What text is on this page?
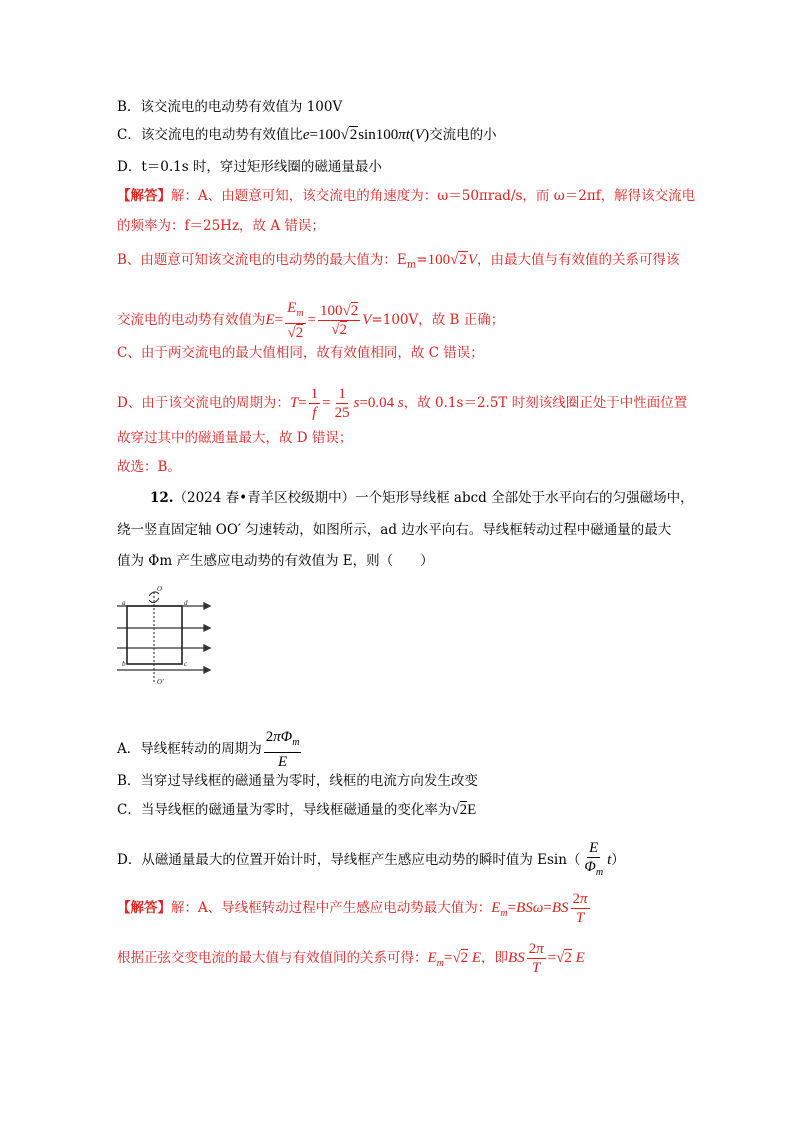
B．该交流电的电动势有效值为 100V
C．该交流电的电动势有效值比e=100√2sin100πt(V)交流电的小
D．t＝0.1s 时，穿过矩形线圈的磁通量最小
【解答】解：A、由题意可知，该交流电的角速度为：ω＝50πrad/s，而 ω＝2πf，解得该交流电
的频率为：f＝25Hz，故 A 错误；
B、由题意可知该交流电的电动势的最大值为：$E_m=100√2V$，由最大值与有效值的关系可得该
交流电的电动势有效值为$E= \frac{E_m}{√2} = \frac{100√2}{√2} V=100V$，故 B 正确；
C、由于两交流电的最大值相同，故有效值相同，故 C 错误；
D、由于该交流电的周期为：$T= \frac{1}{f} = \frac{1}{25} s=0.04$ s，故 0.1s＝2.5T 时刻该线圈正处于中性面位置
故穿过其中的磁通量最大，故 D 错误；
故选：B。
12.（2024 春•青羊区校级期中）一个矩形导线框 abcd 全部处于水平向右的匀强磁场中，
绕一竖直固定轴 OO′ 匀速转动，如图所示，ad 边水平向右。导线框转动过程中磁通量的最大
值为 Φm 产生感应电动势的有效值为 E，则（　　）
O
O'
a
b	c
d
A．导线框转动的周期为 $\frac{2\pi\Phi_m}{E}$
B．当穿过导线框的磁通量为零时，线框的电流方向发生改变
C．当导线框的磁通量为零时，导线框磁通量的变化率为√2E
D．从磁通量最大的位置开始计时，导线框产生感应电动势的瞬时值为 $Esin( \frac{E}{\Phi_m} t)$
【解答】解：A、导线框转动过程中产生感应电动势最大值为：$E_m=BS\omega=BS \frac{2\pi}{T}$
根据正弦交变电流的最大值与有效值间的关系可得：$E_m=√2$ E，即BS $\frac{2\pi}{T} =√2$ E
